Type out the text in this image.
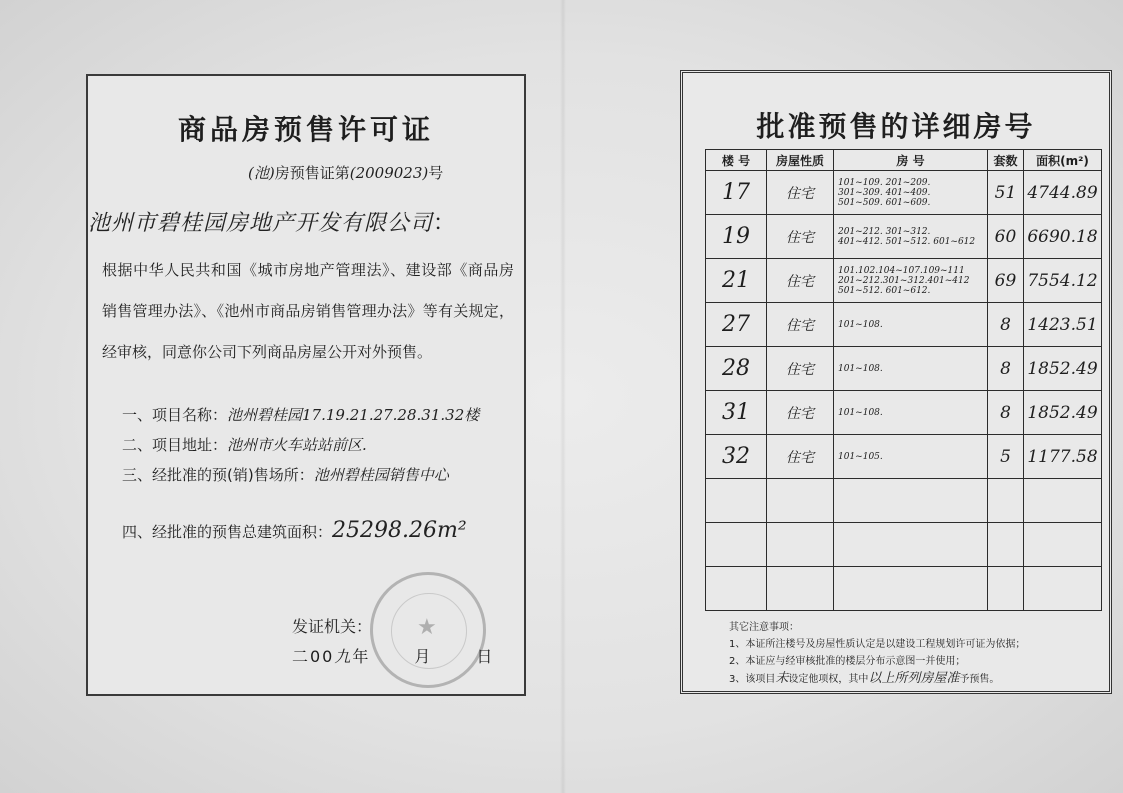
商品房预售许可证
(池)房预售证第(2009023)号
池州市碧桂园房地产开发有限公司：
根据中华人民共和国《城市房地产管理法》、建设部《商品房销售管理办法》、《池州市商品房销售管理办法》等有关规定，经审核，同意你公司下列商品房屋公开对外预售。
一、项目名称：池州碧桂园17.19.21.27.28.31.32楼
二、项目地址：池州市火车站站前区.
三、经批准的预(销)售场所：池州碧桂园销售中心
四、经批准的预售总建筑面积：25298.26m²
★
发证机关：
二00九年	月	日
批准预售的详细房号
楼 号	房屋性质	房 号	套数	面积(m²)
17	住宅	101~109. 201~209.
301~309. 401~409.
501~509. 601~609.	51	4744.89
19	住宅	201~212. 301~312.
401~412. 501~512. 601~612	60	6690.18
21	住宅	101.102.104~107.109~111
201~212.301~312.401~412
501~512. 601~612.	69	7554.12
27	住宅	101~108.	8	1423.51
28	住宅	101~108.	8	1852.49
31	住宅	101~108.	8	1852.49
32	住宅	101~105.	5	1177.58

其它注意事项：
1、本证所注楼号及房屋性质认定是以建设工程规划许可证为依据；
2、本证应与经审核批准的楼层分布示意图一并使用；
3、该项目未设定他项权，其中以上所列房屋准予预售。
